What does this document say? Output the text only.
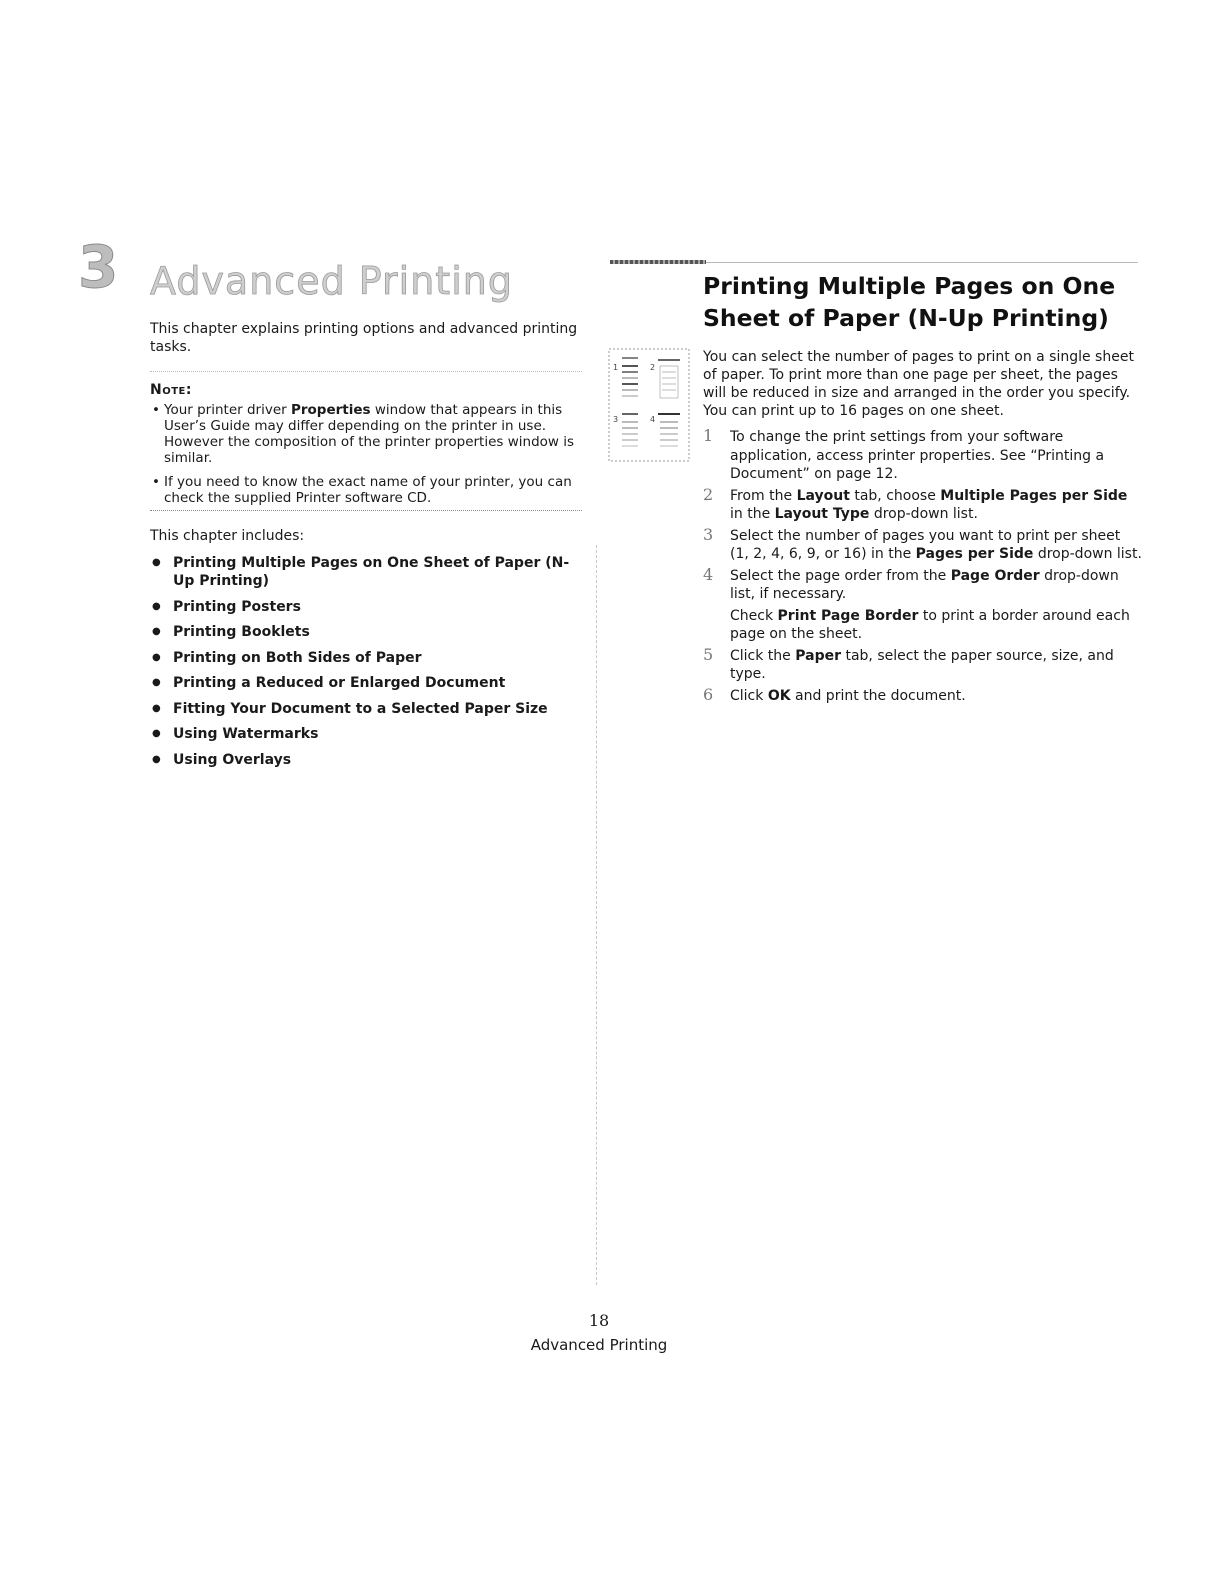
3 Advanced Printing
This chapter explains printing options and advanced printing tasks.
Note:
• Your printer driver Properties window that appears in this User’s Guide may differ depending on the printer in use. However the composition of the printer properties window is similar.
• If you need to know the exact name of your printer, you can check the supplied Printer software CD.
This chapter includes:
● Printing Multiple Pages on One Sheet of Paper (N-Up Printing)
● Printing Posters
● Printing Booklets
● Printing on Both Sides of Paper
● Printing a Reduced or Enlarged Document
● Fitting Your Document to a Selected Paper Size
● Using Watermarks
● Using Overlays
Printing Multiple Pages on One Sheet of Paper (N-Up Printing)
You can select the number of pages to print on a single sheet of paper. To print more than one page per sheet, the pages will be reduced in size and arranged in the order you specify. You can print up to 16 pages on one sheet.
1	2
3	4
1 To change the print settings from your software application, access printer properties. See “Printing a Document” on page 12.
2 From the Layout tab, choose Multiple Pages per Side in the Layout Type drop-down list.
3 Select the number of pages you want to print per sheet (1, 2, 4, 6, 9, or 16) in the Pages per Side drop-down list.
4 Select the page order from the Page Order drop-down list, if necessary.
Check Print Page Border to print a border around each page on the sheet.
5 Click the Paper tab, select the paper source, size, and type.
6 Click OK and print the document.
18
Advanced Printing
